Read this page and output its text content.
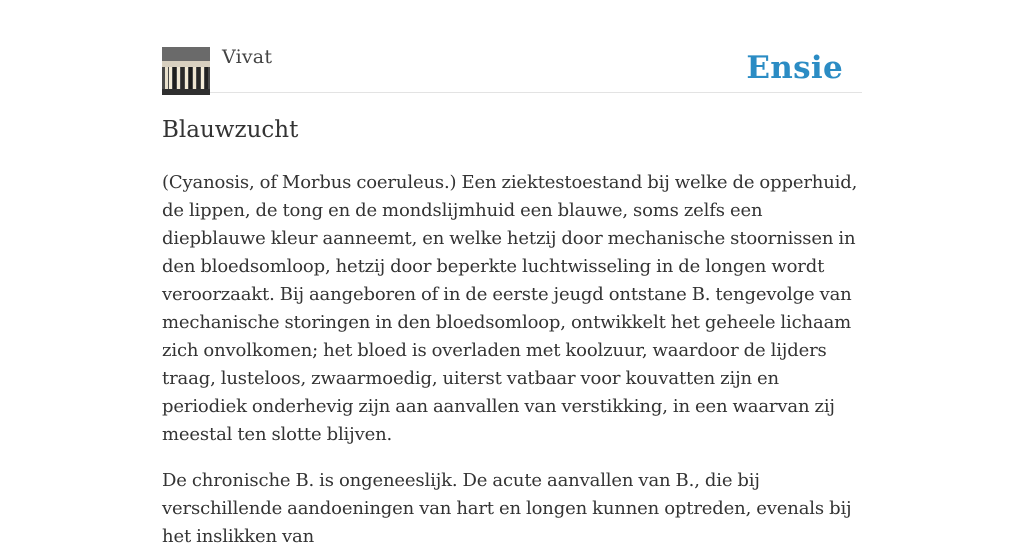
Vivat	Ensie
Blauwzucht

(Cyanosis, of Morbus coeruleus.) Een ziektestoestand bij welke de opperhuid, de lippen, de tong en de mondslijmhuid een blauwe, soms zelfs een diepblauwe kleur aanneemt, en welke hetzij door mechanische stoornissen in den bloedsomloop, hetzij door beperkte luchtwisseling in de longen wordt veroorzaakt. Bij aangeboren of in de eerste jeugd ontstane B. tengevolge van mechanische storingen in den bloedsomloop, ontwikkelt het geheele lichaam zich onvolkomen; het bloed is overladen met koolzuur, waardoor de lijders traag, lusteloos, zwaarmoedig, uiterst vatbaar voor kouvatten zijn en periodiek onderhevig zijn aan aanvallen van verstikking, in een waarvan zij meestal ten slotte blijven.

De chronische B. is ongeneeslijk. De acute aanvallen van B., die bij verschillende aandoeningen van hart en longen kunnen optreden, evenals bij het inslikken van
